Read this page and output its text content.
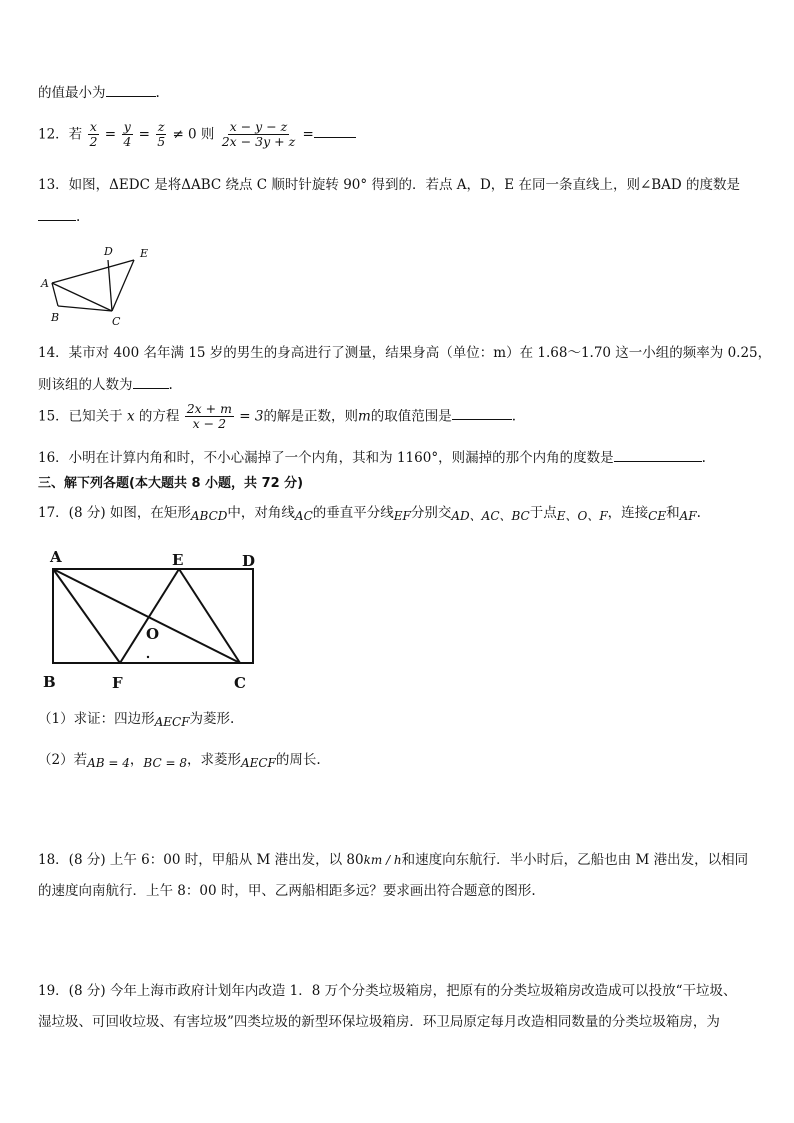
的值最小为	.
12．若 $\frac{x}{2} = \frac{y}{4} = \frac{z}{5} \ne 0$ 则 $\frac{x - y - z}{2x - 3y + z}$ =
13．如图，ΔEDC 是将ΔABC 绕点 C 顺时针旋转 90° 得到的．若点 A，D，E 在同一条直线上，则∠BAD 的度数是
.
A
B	C
D E
14．某市对 400 名年满 15 岁的男生的身高进行了测量，结果身高（单位：m）在 1.68～1.70 这一小组的频率为 0.25，
则该组的人数为	.
15．已知关于 x 的方程 $\frac{2x + m}{x - 2} = 3$的解是正数，则m的取值范围是	.
16．小明在计算内角和时，不小心漏掉了一个内角，其和为 1160°，则漏掉的那个内角的度数是	.
三、解下列各题(本大题共 8 小题，共 72 分)
17．(8 分) 如图，在矩形ABCD中，对角线AC的垂直平分线EF分别交AD、AC、BC于点E、O、F，连接CE和AF.
A	E	D
O
B	F	C
（1）求证：四边形AECF为菱形.
（2）若AB = 4，BC = 8，求菱形AECF的周长.
18．(8 分) 上午 6：00 时，甲船从 M 港出发，以 80km / h和速度向东航行．半小时后，乙船也由 M 港出发，以相同
的速度向南航行．上午 8：00 时，甲、乙两船相距多远？要求画出符合题意的图形.
19．(8 分) 今年上海市政府计划年内改造 1．8 万个分类垃圾箱房，把原有的分类垃圾箱房改造成可以投放“干垃圾、
湿垃圾、可回收垃圾、有害垃圾”四类垃圾的新型环保垃圾箱房．环卫局原定每月改造相同数量的分类垃圾箱房，为
